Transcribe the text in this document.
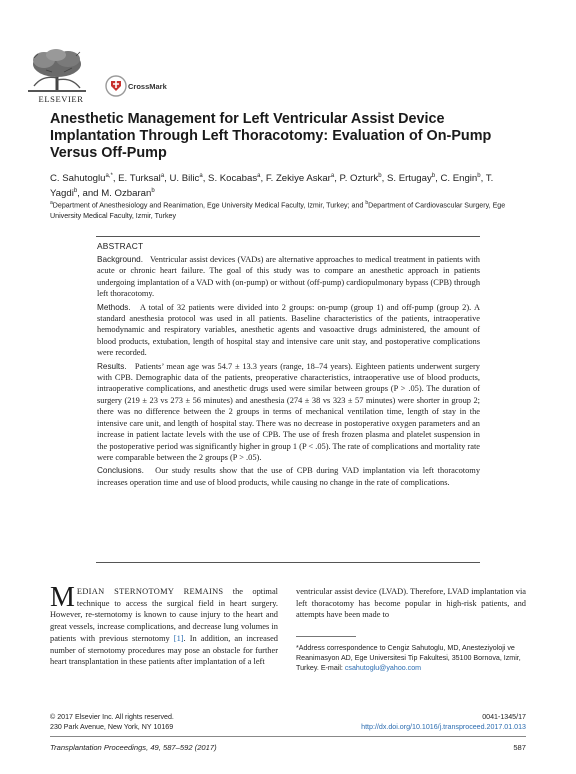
ELSEVIER
CrossMark
Anesthetic Management for Left Ventricular Assist Device Implantation Through Left Thoracotomy: Evaluation of On-Pump Versus Off-Pump
C. Sahutoglu$^{a,*}$, E. Turksal$^a$, U. Bilic$^a$, S. Kocabas$^a$, F. Zekiye Askar$^a$, P. Ozturk$^b$, S. Ertugay$^b$, C. Engin$^b$, T. Yagdi$^b$, and M. Ozbaran$^b$
$^a$Department of Anesthesiology and Reanimation, Ege University Medical Faculty, Izmir, Turkey; and $^b$Department of Cardiovascular Surgery, Ege University Medical Faculty, Izmir, Turkey
ABSTRACT

Background. Ventricular assist devices (VADs) are alternative approaches to medical treatment in patients with acute or chronic heart failure. The goal of this study was to compare an anesthetic approach in patients undergoing implantation of a VAD with (on-pump) or without (off-pump) cardiopulmonary bypass (CPB) through left thoracotomy.

Methods. A total of 32 patients were divided into 2 groups: on-pump (group 1) and off-pump (group 2). A standard anesthesia protocol was used in all patients. Baseline characteristics of the patients, intraoperative hemodynamic and respiratory variables, anesthetic agents and vasoactive drugs administered, the amount of blood products, extubation, length of hospital stay and intensive care unit stay, and postoperative complications were recorded.

Results. Patients’ mean age was 54.7 ± 13.3 years (range, 18–74 years). Eighteen patients underwent surgery with CPB. Demographic data of the patients, preoperative characteristics, intraoperative use of blood products, intraoperative complications, and anesthetic drugs used were similar between groups (P > .05). The duration of surgery (219 ± 23 vs 273 ± 56 minutes) and anesthesia (274 ± 38 vs 323 ± 57 minutes) were shorter in group 2; there was no difference between the 2 groups in terms of mechanical ventilation time, length of stay in the intensive care unit, and length of hospital stay. There was no decrease in postoperative oxygen parameters and an increase in patient lactate levels with the use of CPB. The use of fresh frozen plasma and platelet suspension in the postoperative period was significantly higher in group 1 (P < .05). The rate of complications and mortality rate were comparable between the 2 groups (P > .05).

Conclusions. Our study results show that the use of CPB during VAD implantation via left thoracotomy increases operation time and use of blood products, while causing no change in the rate of complications.

MEDIAN STERNOTOMY REMAINS the optimal technique to access the surgical field in heart surgery. However, re-sternotomy is known to cause injury to the heart and great vessels, increase complications, and decrease lung volumes in patients with previous sternotomy [1]. In addition, an increased number of sternotomy procedures may pose an obstacle for further heart transplantation in these patients after implantation of a left
ventricular assist device (LVAD). Therefore, LVAD implantation via left thoracotomy has become popular in high-risk patients, and attempts have been made to
*Address correspondence to Cengiz Sahutoglu, MD, Anesteziyoloji ve Reanimasyon AD, Ege Universitesi Tip Fakultesi, 35100 Bornova, Izmir, Turkey. E-mail: csahutoglu@yahoo.com
© 2017 Elsevier Inc. All rights reserved.
230 Park Avenue, New York, NY 10169
0041-1345/17
http://dx.doi.org/10.1016/j.transproceed.2017.01.013
Transplantation Proceedings, 49, 587–592 (2017)	587
